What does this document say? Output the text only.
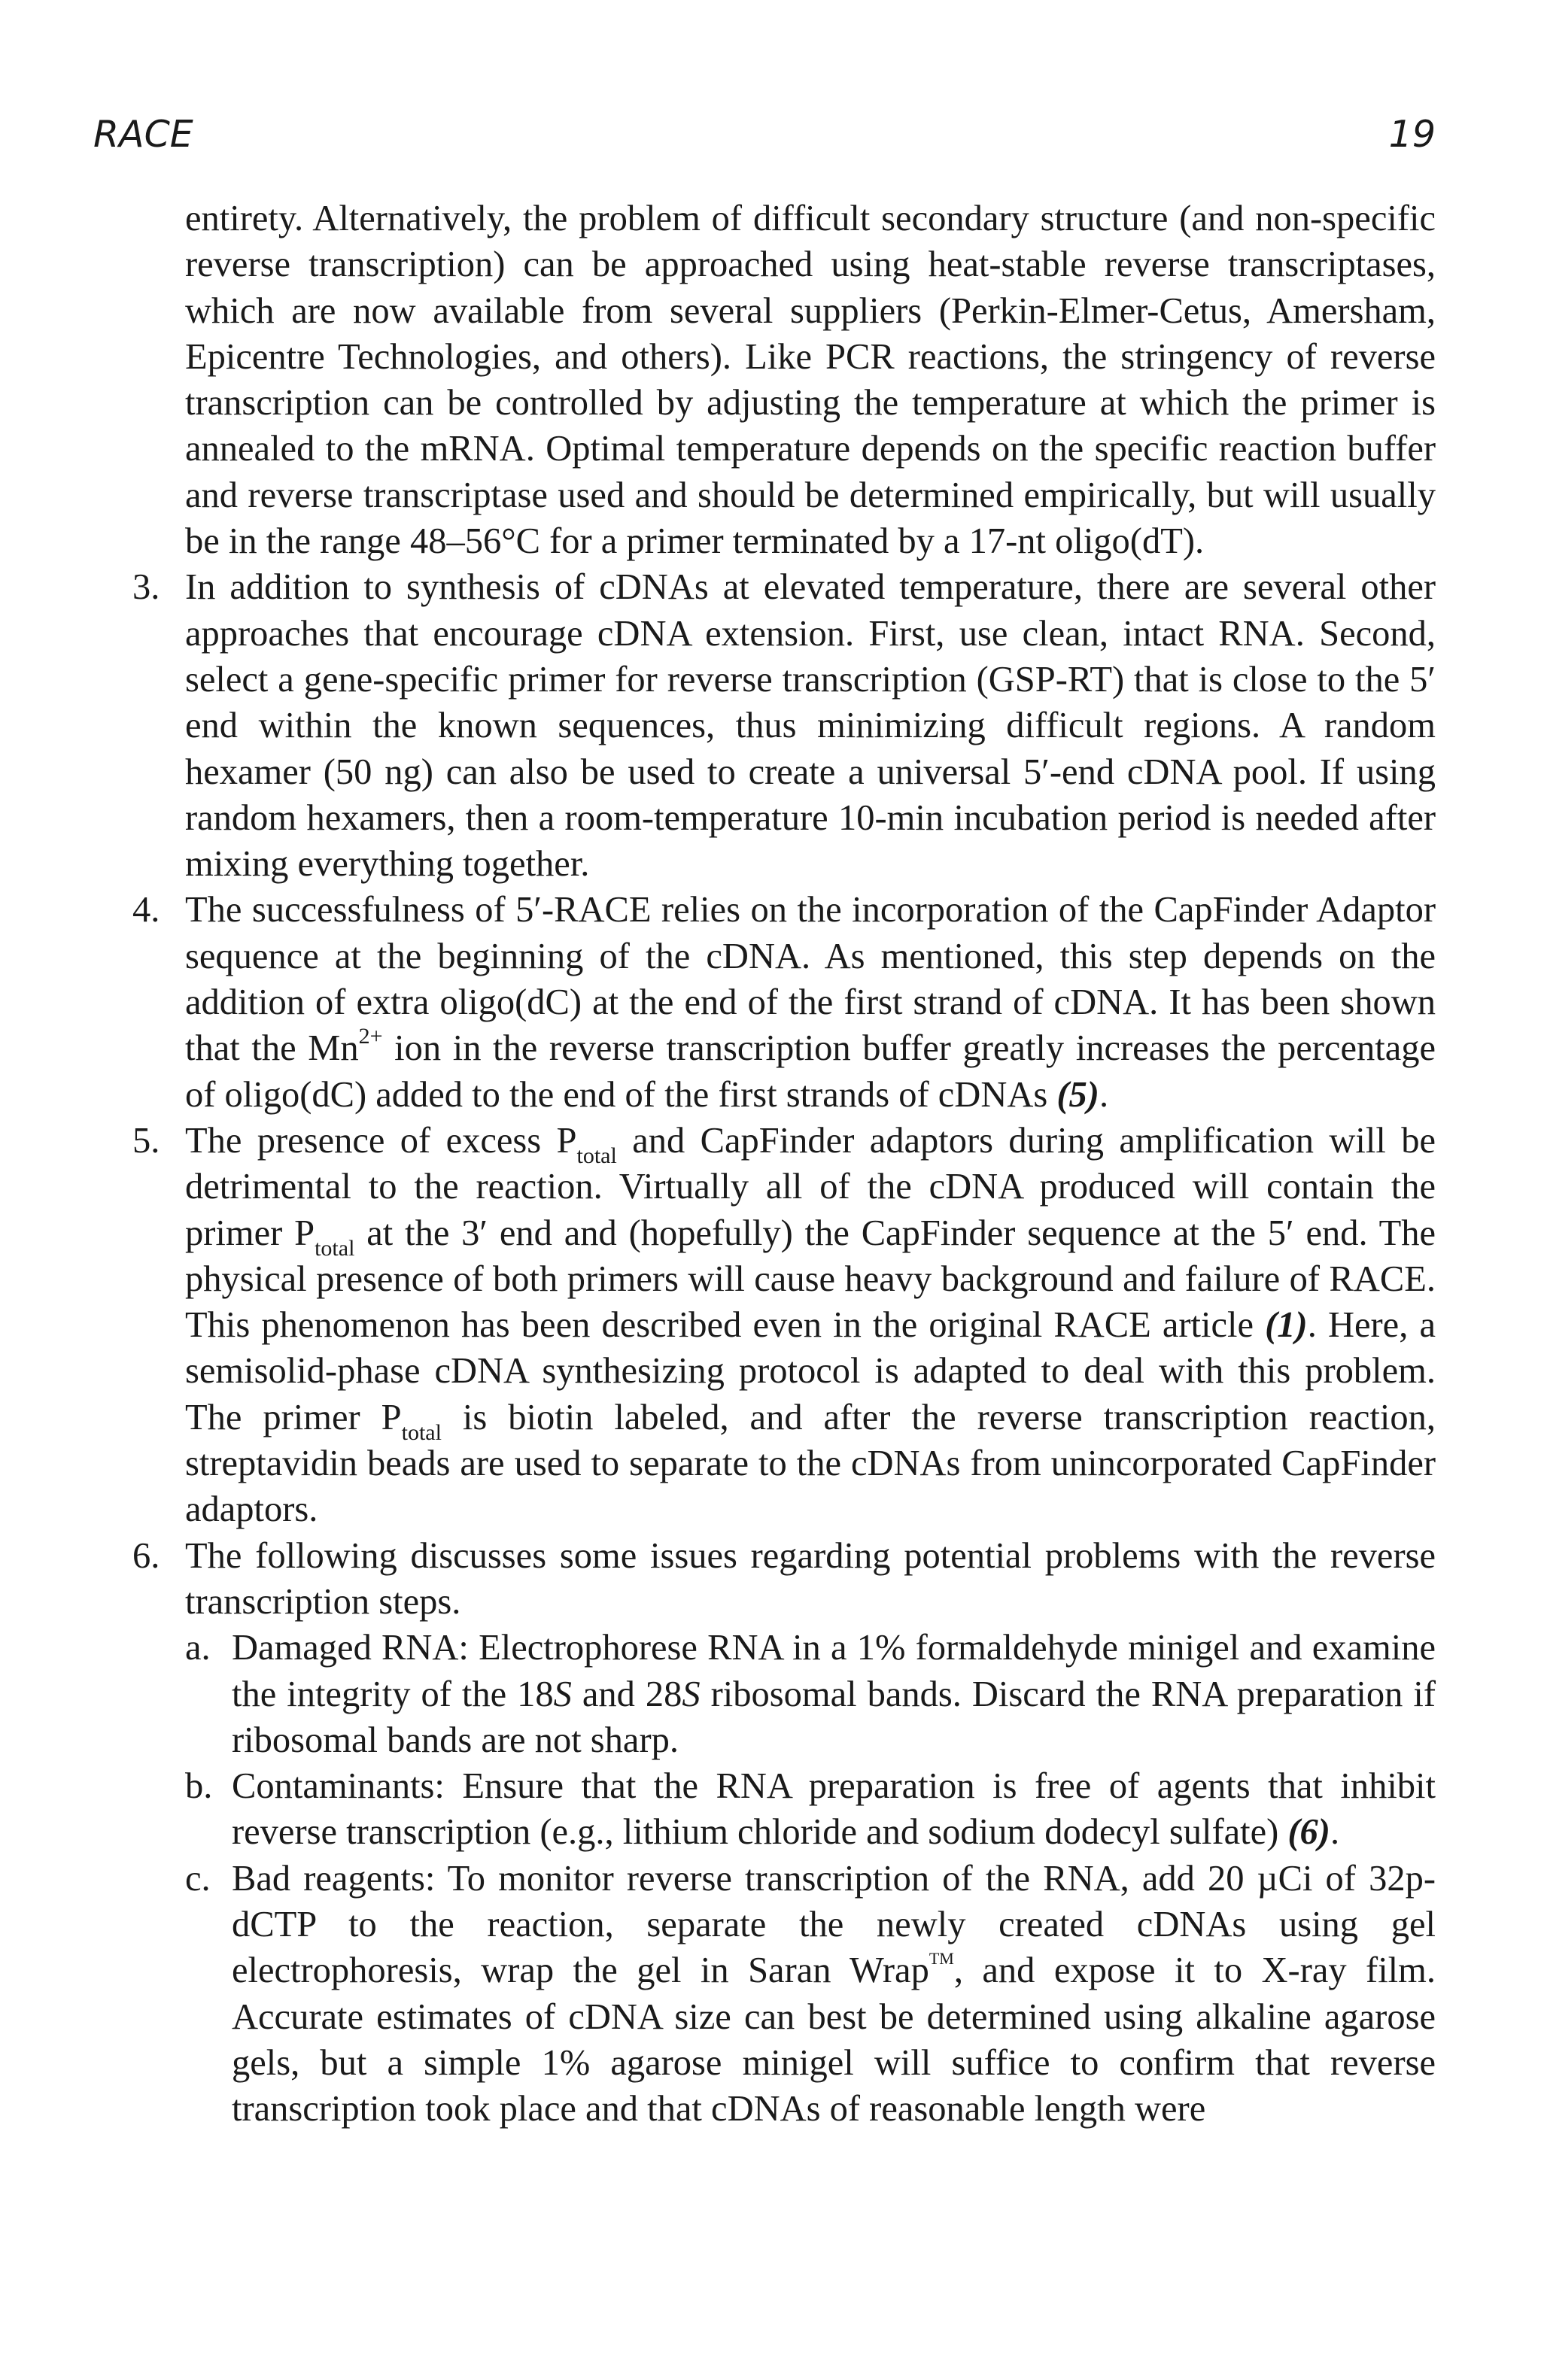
RACE	19

entirety. Alternatively, the problem of difficult secondary structure (and non-specific reverse transcription) can be approached using heat-stable reverse transcriptases, which are now available from several suppliers (Perkin-Elmer-Cetus, Amersham, Epicentre Technologies, and others). Like PCR reactions, the stringency of reverse transcription can be controlled by adjusting the temperature at which the primer is annealed to the mRNA. Optimal temperature depends on the specific reaction buffer and reverse transcriptase used and should be determined empirically, but will usually be in the range 48–56°C for a primer terminated by a 17-nt oligo(dT).

3. In addition to synthesis of cDNAs at elevated temperature, there are several other approaches that encourage cDNA extension. First, use clean, intact RNA. Second, select a gene-specific primer for reverse transcription (GSP-RT) that is close to the 5′ end within the known sequences, thus minimizing difficult regions. A random hexamer (50 ng) can also be used to create a universal 5′-end cDNA pool. If using random hexamers, then a room-temperature 10-min incubation period is needed after mixing everything together.

4. The successfulness of 5′-RACE relies on the incorporation of the CapFinder Adaptor sequence at the beginning of the cDNA. As mentioned, this step depends on the addition of extra oligo(dC) at the end of the first strand of cDNA. It has been shown that the $Mn^{2+}$ ion in the reverse transcription buffer greatly increases the percentage of oligo(dC) added to the end of the first strands of cDNAs (5).

5. The presence of excess $P_{total}$ and CapFinder adaptors during amplification will be detrimental to the reaction. Virtually all of the cDNA produced will contain the primer $P_{total}$ at the 3′ end and (hopefully) the CapFinder sequence at the 5′ end. The physical presence of both primers will cause heavy background and failure of RACE. This phenomenon has been described even in the original RACE article (1). Here, a semisolid-phase cDNA synthesizing protocol is adapted to deal with this problem. The primer $P_{total}$ is biotin labeled, and after the reverse transcription reaction, streptavidin beads are used to separate to the cDNAs from unincorporated CapFinder adaptors.

6. The following discusses some issues regarding potential problems with the reverse transcription steps.

a. Damaged RNA: Electrophorese RNA in a 1% formaldehyde minigel and examine the integrity of the 18S and 28S ribosomal bands. Discard the RNA preparation if ribosomal bands are not sharp.

b. Contaminants: Ensure that the RNA preparation is free of agents that inhibit reverse transcription (e.g., lithium chloride and sodium dodecyl sulfate) (6).

c. Bad reagents: To monitor reverse transcription of the RNA, add 20 µCi of 32p-dCTP to the reaction, separate the newly created cDNAs using gel electrophoresis, wrap the gel in Saran Wrap™, and expose it to X-ray film. Accurate estimates of cDNA size can best be determined using alkaline agarose gels, but a simple 1% agarose minigel will suffice to confirm that reverse transcription took place and that cDNAs of reasonable length were
